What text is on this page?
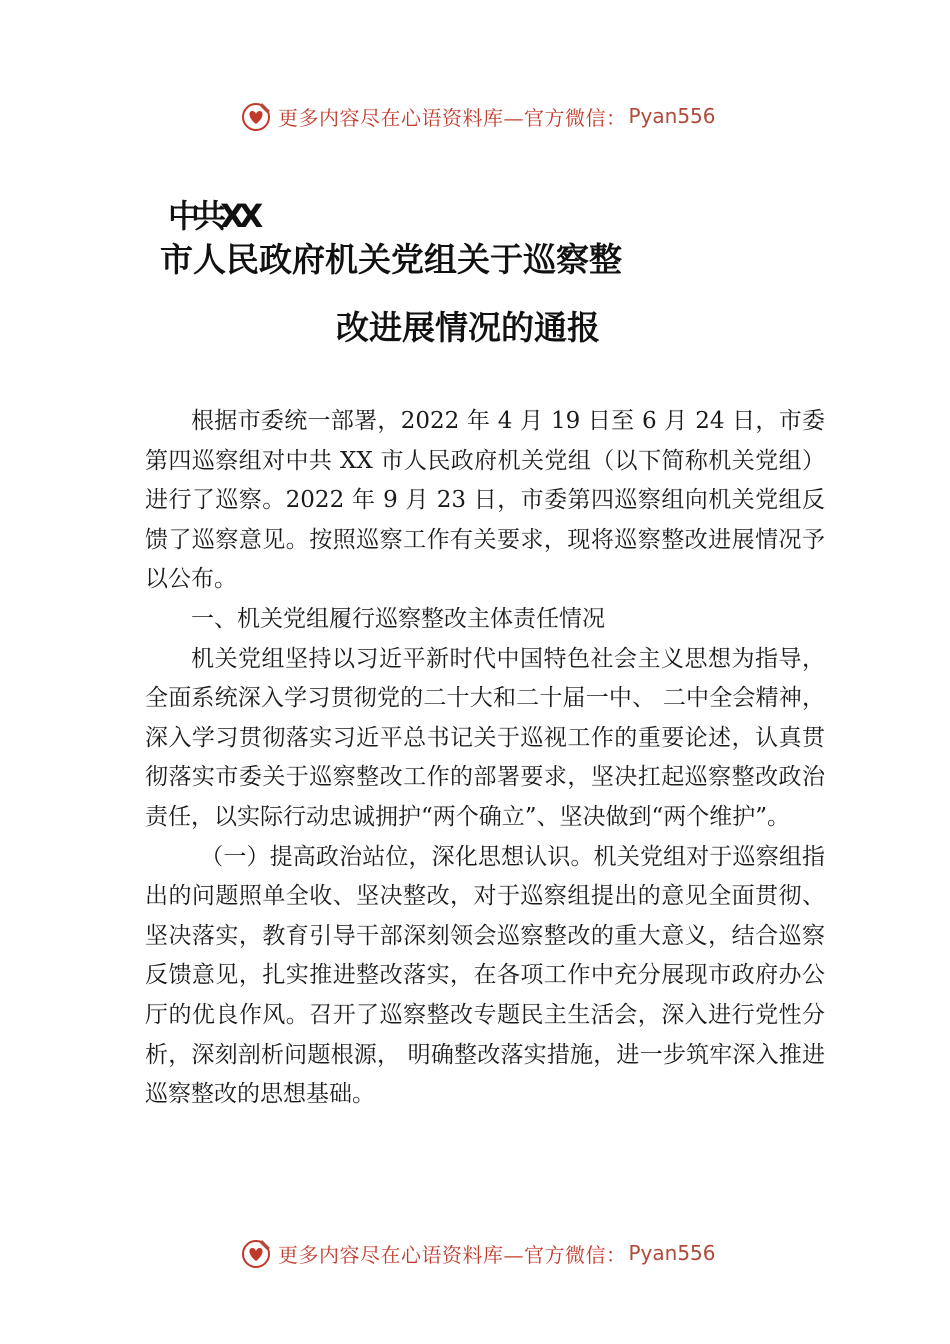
更多内容尽在心语资料库—官方微信： Pyan556
中共XX
市人民政府机关党组关于巡察整
改进展情况的通报

根据市委统一部署，2022 年 4 月 19 日至 6 月 24 日，市委第四巡察组对中共 XX 市人民政府机关党组（以下简称机关党组）进行了巡察。2022 年 9 月 23 日，市委第四巡察组向机关党组反馈了巡察意见。按照巡察工作有关要求，现将巡察整改进展情况予以公布。

一、机关党组履行巡察整改主体责任情况

机关党组坚持以习近平新时代中国特色社会主义思想为指导，全面系统深入学习贯彻党的二十大和二十届一中、 二中全会精神，深入学习贯彻落实习近平总书记关于巡视工作的重要论述，认真贯彻落实市委关于巡察整改工作的部署要求，坚决扛起巡察整改政治责任，以实际行动忠诚拥护“两个确立”、坚决做到“两个维护”。

（一）提高政治站位，深化思想认识。机关党组对于巡察组指出的问题照单全收、坚决整改，对于巡察组提出的意见全面贯彻、坚决落实，教育引导干部深刻领会巡察整改的重大意义，结合巡察反馈意见，扎实推进整改落实，在各项工作中充分展现市政府办公厅的优良作风。召开了巡察整改专题民主生活会，深入进行党性分析，深刻剖析问题根源， 明确整改落实措施，进一步筑牢深入推进巡察整改的思想基础。

更多内容尽在心语资料库—官方微信： Pyan556
